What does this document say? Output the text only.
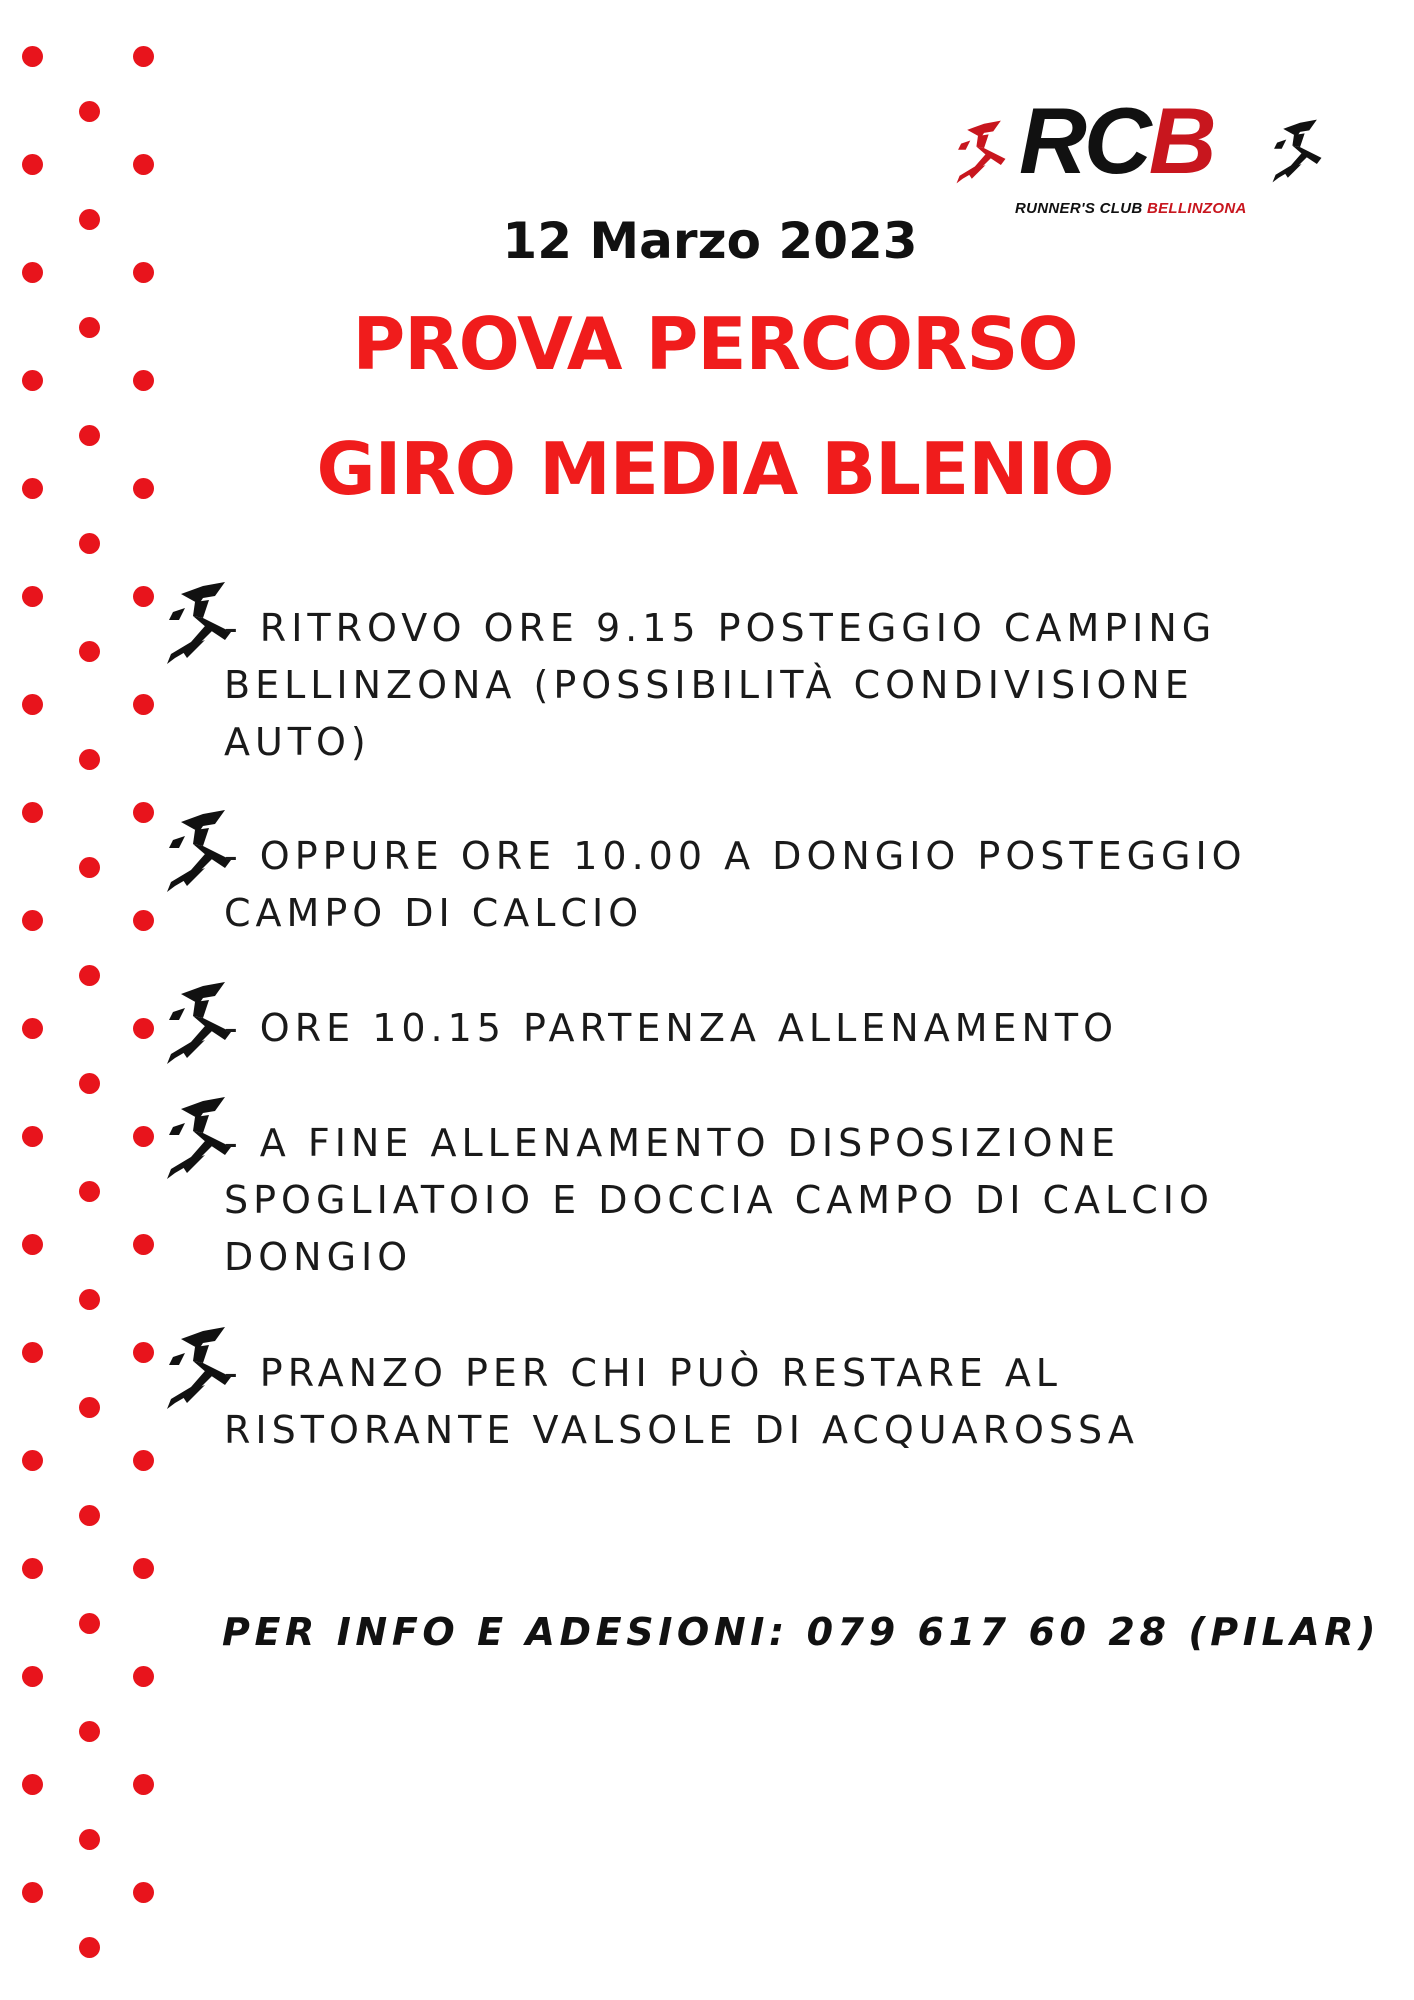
RCB
RUNNER'S CLUB BELLINZONA
12 Marzo 2023
PROVA PERCORSO
GIRO MEDIA BLENIO
- RITROVO ORE 9.15 POSTEGGIO CAMPING
BELLINZONA (POSSIBILITÀ CONDIVISIONE
AUTO)
- OPPURE ORE 10.00 A DONGIO POSTEGGIO
CAMPO DI CALCIO
- ORE 10.15 PARTENZA ALLENAMENTO
- A FINE ALLENAMENTO DISPOSIZIONE
SPOGLIATOIO E DOCCIA CAMPO DI CALCIO
DONGIO
- PRANZO PER CHI PUÒ RESTARE AL
RISTORANTE VALSOLE DI ACQUAROSSA
PER INFO E ADESIONI: 079 617 60 28 (PILAR)
